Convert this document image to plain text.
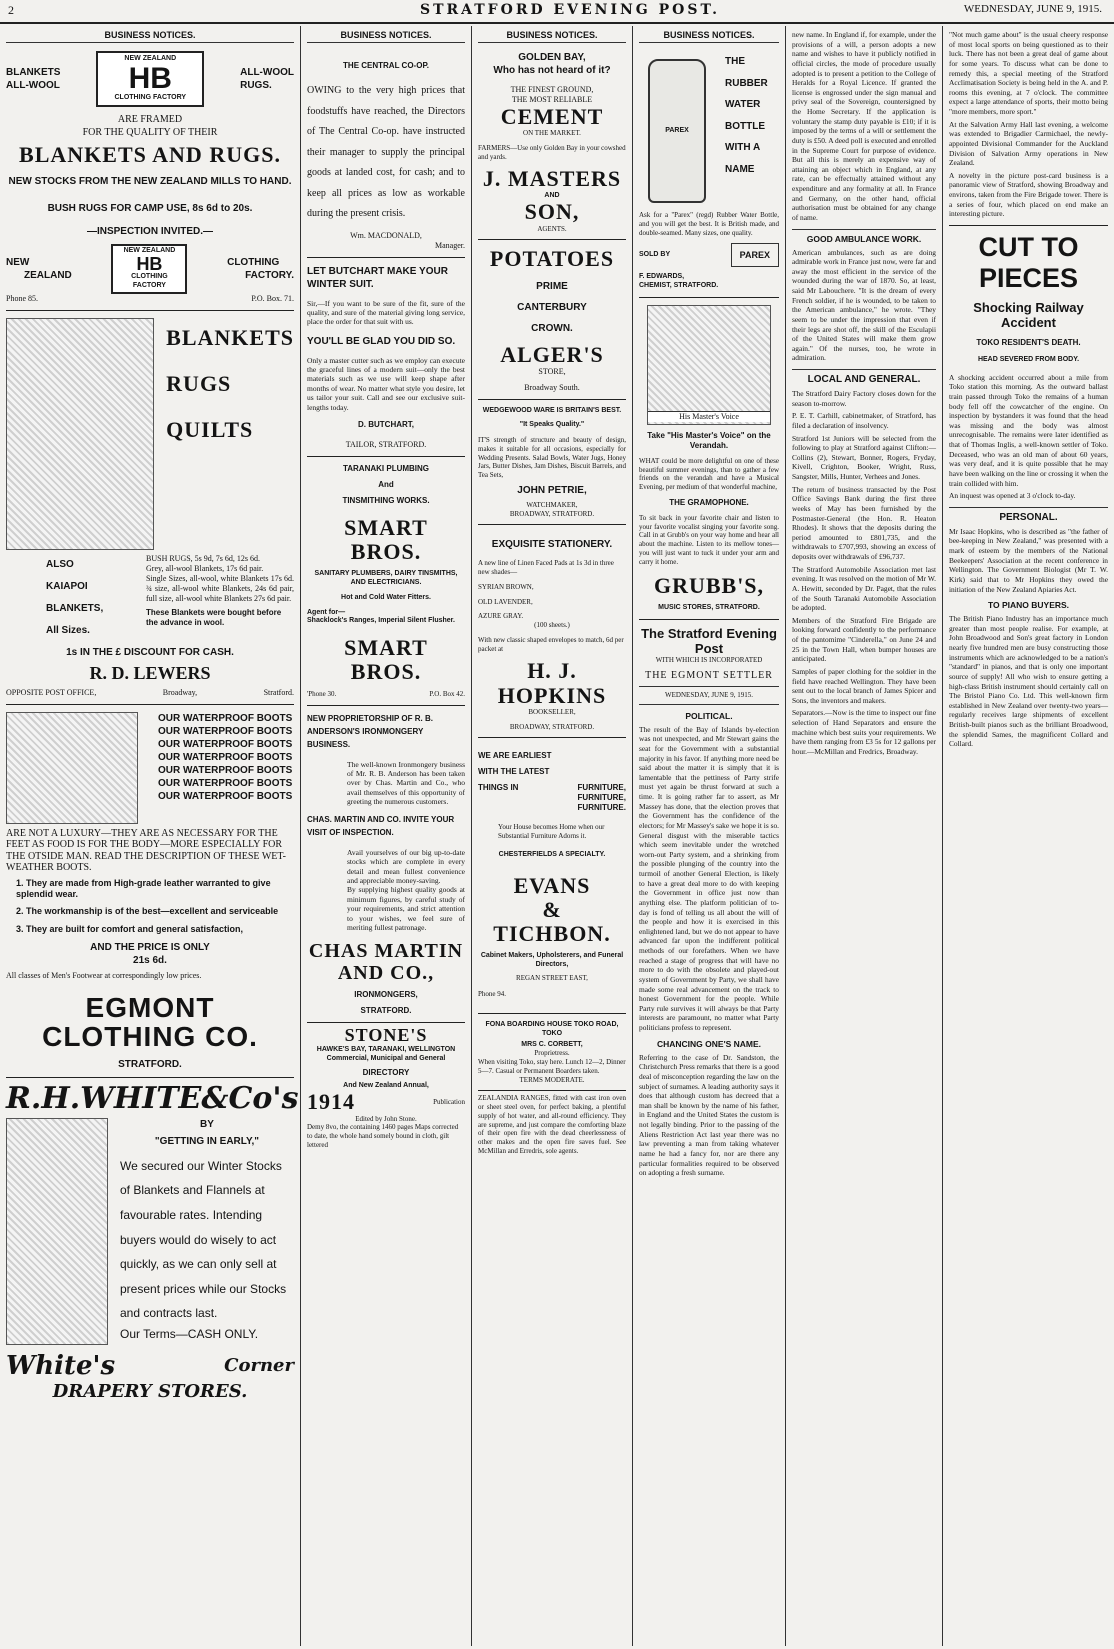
2	STRATFORD EVENING POST.	WEDNESDAY, JUNE 9, 1915.
BUSINESS NOTICES.
BLANKETS
ALL-WOOL
NEW ZEALAND
HB
CLOTHING FACTORY
ALL-WOOL
RUGS.
ARE FRAMED
FOR THE QUALITY OF THEIR
BLANKETS AND RUGS.
NEW STOCKS FROM THE NEW ZEALAND MILLS TO HAND.
BUSH RUGS FOR CAMP USE, 8s 6d to 20s.
—INSPECTION INVITED.—
NEW
ZEALAND
NEW ZEALAND
HB
CLOTHING FACTORY
CLOTHING
FACTORY.
Phone 85.	P.O. Box. 71.
BLANKETS
RUGS
QUILTS
ALSO
KAIAPOI
BLANKETS,
All Sizes.
BUSH RUGS, 5s 9d, 7s 6d, 12s 6d.
Grey, all-wool Blankets, 17s 6d pair.
Single Sizes, all-wool, white Blankets 17s 6d. ¾ size, all-wool white Blankets, 24s 6d pair, full size, all-wool white Blankets 27s 6d pair.
These Blankets were bought before the advance in wool.
1s IN THE £ DISCOUNT FOR CASH.
R. D. LEWERS
OPPOSITE POST OFFICE,	Broadway,	Stratford.
OUR WATERPROOF BOOTS
OUR WATERPROOF BOOTS
OUR WATERPROOF BOOTS
OUR WATERPROOF BOOTS
OUR WATERPROOF BOOTS
OUR WATERPROOF BOOTS
OUR WATERPROOF BOOTS
ARE NOT A LUXURY—THEY ARE AS NECESSARY FOR THE FEET AS FOOD IS FOR THE BODY—MORE ESPECIALLY FOR THE OTSIDE MAN. READ THE DESCRIPTION OF THESE WET-WEATHER BOOTS.
1. They are made from High-grade leather warranted to give splendid wear.
2. The workmanship is of the best—excellent and serviceable
3. They are built for comfort and general satisfaction,
AND THE PRICE IS ONLY
21s 6d.
All classes of Men's Footwear at correspondingly low prices.
EGMONT CLOTHING CO.
STRATFORD.
R.H.WHITE&Co's
BY
"GETTING IN EARLY,"
We secured our Winter Stocks of Blankets and Flannels at favourable rates. Intending buyers would do wisely to act quickly, as we can only sell at present prices while our Stocks and contracts last.
Our Terms—CASH ONLY.
White's	Corner
DRAPERY STORES.
BUSINESS NOTICES.
THE CENTRAL CO-OP.
OWING to the very high prices that foodstuffs have reached, the Directors of The Central Co-op. have instructed their manager to supply the principal goods at landed cost, for cash; and to keep all prices as low as workable during the present crisis.
Wm. MACDONALD,
Manager.
LET BUTCHART MAKE YOUR WINTER SUIT.
Sir,—If you want to be sure of the fit, sure of the quality, and sure of the material giving long service, place the order for that suit with us.
YOU'LL BE GLAD YOU DID SO.
Only a master cutter such as we employ can execute the graceful lines of a modern suit—only the best materials such as we use will keep shape after months of wear. No matter what style you desire, let us tailor your suit. Call and see our exclusive suit-lengths today.
D. BUTCHART,
TAILOR, STRATFORD.
TARANAKI PLUMBING
And
TINSMITHING WORKS.
SMART BROS.
SANITARY PLUMBERS, DAIRY TINSMITHS, AND ELECTRICIANS.
Hot and Cold Water Fitters.
Agent for—
Shacklock's Ranges, Imperial Silent Flusher.
SMART BROS.
'Phone 30.	P.O. Box 42.
NEW PROPRIETORSHIP OF R. B. ANDERSON'S IRONMONGERY BUSINESS.
The well-known Ironmongery business of Mr. R. B. Anderson has been taken over by Chas. Martin and Co., who avail themselves of this opportunity of greeting the numerous customers.
CHAS. MARTIN AND CO. INVITE YOUR VISIT OF INSPECTION.
Avail yourselves of our big up-to-date stocks which are complete in every detail and mean fullest convenience and appreciable money-saving.
By supplying highest quality goods at minimum figures, by careful study of your requirements, and strict attention to your wishes, we feel sure of meriting fullest patronage.
CHAS MARTIN AND CO.,
IRONMONGERS,
STRATFORD.
STONE'S
HAWKE'S BAY, TARANAKI, WELLINGTON Commercial, Municipal and General
DIRECTORY
And New Zealand Annual,
1914	Publication
Edited by John Stone.
Demy 8vo, the containing 1460 pages Maps corrected to date, the whole hand somely bound in cloth, gilt lettered
BUSINESS NOTICES.
GOLDEN BAY,
Who has not heard of it?
THE FINEST GROUND,
THE MOST RELIABLE
CEMENT
ON THE MARKET.
FARMERS—Use only Golden Bay in your cowshed and yards.
J. MASTERS
AND
SON,
AGENTS.
POTATOES
PRIME
CANTERBURY
CROWN.
ALGER'S
STORE,
Broadway South.
WEDGEWOOD WARE IS BRITAIN'S BEST.
"It Speaks Quality."
IT'S strength of structure and beauty of design, makes it suitable for all occasions, especially for Wedding Presents. Salad Bowls, Water Jugs, Honey Jars, Butter Dishes, Jam Dishes, Biscuit Barrels, and Tea Sets,
JOHN PETRIE,
WATCHMAKER,
BROADWAY, STRATFORD.
EXQUISITE STATIONERY.
A new line of Linen Faced Pads at 1s 3d in three new shades—
SYRIAN BROWN,
OLD LAVENDER,
AZURE GRAY.
(100 sheets.)
With new classic shaped envelopes to match, 6d per packet at
H. J. HOPKINS
BOOKSELLER,
BROADWAY, STRATFORD.
WE ARE EARLIEST
WITH THE LATEST
THINGS IN	FURNITURE,
FURNITURE,
FURNITURE.
Your House becomes Home when our Substantial Furniture Adorns it.
CHESTERFIELDS A SPECIALTY.
EVANS
&
TICHBON.
Cabinet Makers, Upholsterers, and Funeral Directors,
REGAN STREET EAST,
Phone 94.
FONA BOARDING HOUSE TOKO ROAD, TOKO
MRS C. CORBETT,
Proprietress.
When visiting Toko, stay here. Lunch 12—2, Dinner 5—7. Casual or Permanent Boarders taken.
TERMS MODERATE.
ZEALANDIA RANGES, fitted with cast iron oven or sheet steel oven, for perfect baking, a plentiful supply of hot water, and all-round efficiency. They are supreme, and just compare the comforting blaze of their open fire with the dead cheerlessness of other makes and the open fire saves fuel. See McMillan and Erredris, sole agents.
BUSINESS NOTICES.
PAREX
THE
RUBBER
WATER
BOTTLE
WITH A
NAME
Ask for a "Parex" (regd) Rubber Water Bottle, and you will get the best. It is British made, and double-seamed. Many sizes, one quality.
SOLD BY	PAREX
F. EDWARDS,
CHEMIST, STRATFORD.
His Master's Voice
Take "His Master's Voice" on the Verandah.
WHAT could be more delightful on one of these beautiful summer evenings, than to gather a few friends on the verandah and have a Musical Evening, per medium of that wonderful machine,
THE GRAMOPHONE.
To sit back in your favorite chair and listen to your favorite vocalist singing your favorite song. Call in at Grubb's on your way home and hear all about the machine. Listen to its mellow tones—you will just want to tuck it under your arm and carry it home.
GRUBB'S,
MUSIC STORES, STRATFORD.
The Stratford Evening Post
WITH WHICH IS INCORPORATED
THE EGMONT SETTLER
WEDNESDAY, JUNE 9, 1915.
POLITICAL.

The result of the Bay of Islands by-election was not unexpected, and Mr Stewart gains the seat for the Government with a substantial majority in his favor. If anything more need be said about the matter it is simply that it is lamentable that the pettiness of Party strife must yet again be thrust forward at such a time. It is going rather far to assert, as Mr Massey has done, that the election proves that the Government has the confidence of the electors; for Mr Massey's sake we hope it is so. General disgust with the miserable tactics which seem inevitable under the wretched worn-out Party system, and a shrinking from the possible plunging of the country into the turmoil of another General Election, is likely to have a great deal more to do with keeping the Government in office just now than anything else. The platform politician of to-day is fond of telling us all about the will of the people and how it is exercised in this enlightened land, but we do not appear to have advanced far upon the indifferent political methods of our forefathers. When we have reached a stage of progress that will have no more to do with the obsolete and played-out system of Government by Party, we shall have made some real advancement on the track to honest Government for the people. While Party rule survives it will always be that Party interests are paramount, no matter what Party politicians profess to represent.

CHANCING ONE'S NAME.

Referring to the case of Dr. Sandston, the Christchurch Press remarks that there is a good deal of misconception regarding the law on the subject of surnames. A leading authority says it does that although custom has decreed that a man shall be known by the name of his father, in England and the United States the custom is not legally binding. Prior to the passing of the Aliens Restriction Act last year there was no law preventing a man from taking whatever name he had a fancy for, nor are there any particular formalities required to be observed on adopting a fresh surname.

new name. In England if, for example, under the provisions of a will, a person adopts a new name and wishes to have it publicly notified in official circles, the mode of procedure usually adopted is to present a petition to the College of Heralds for a Royal Licence. If granted the license is engrossed under the sign manual and privy seal of the Sovereign, countersigned by the Home Secretary. If the application is voluntary the stamp duty payable is £10; if it is imposed by the terms of a will or settlement the duty is £50. A deed poll is executed and enrolled in the Supreme Court for purpose of evidence. But all this is merely an expensive way of attaining an object which in England, at any rate, can be effectually attained without any expenditure and any formality at all. In France and Germany, on the other hand, official authorisation must be obtained for any change of name.

GOOD AMBULANCE WORK.

American ambulances, such as are doing admirable work in France just now, were far and away the most efficient in the service of the wounded during the war of 1870. So, at least, said Mr Labouchere. "It is the dream of every French soldier, if he is wounded, to be taken to the American ambulance," he wrote. "They seem to be under the impression that even if their legs are shot off, the skill of the Esculapii of the United States will make them grow again." Of the nurses, too, he wrote in admiration.

LOCAL AND GENERAL.

The Stratford Dairy Factory closes down for the season to-morrow.

P. E. T. Carhill, cabinetmaker, of Stratford, has filed a declaration of insolvency.

Stratford 1st Juniors will be selected from the following to play at Stratford against Clifton:—Collins (2), Stewart, Bonner, Rogers, Fryday, Kivell, Crighton, Booker, Wright, Russ, Sangster, Mills, Hunter, Verhees and Jones.

The return of business transacted by the Post Office Savings Bank during the first three weeks of May has been furnished by the Postmaster-General (the Hon. R. Heaton Rhodes). It shows that the deposits during the period amounted to £801,735, and the withdrawals to £707,993, showing an excess of deposits over withdrawals of £96,737.

The Stratford Automobile Association met last evening. It was resolved on the motion of Mr W. A. Hewitt, seconded by Dr. Paget, that the rules of the South Taranaki Automobile Association be adopted.

Members of the Stratford Fire Brigade are looking forward confidently to the performance of the pantomime "Cinderella," on June 24 and 25 in the Town Hall, when bumper houses are anticipated.

Samples of paper clothing for the soldier in the field have reached Wellington. They have been sent out to the local branch of James Spicer and Sons, the inventors and makers.

Separators.—Now is the time to inspect our fine selection of Hand Separators and ensure the machine which best suits your requirements. We have them ranging from £3 5s for 12 gallons per hour.—McMillan and Fredrics, Broadway.

"Not much game about" is the usual cheery response of most local sports on being questioned as to their luck. There has not been a great deal of game about for some years. To discuss what can be done to remedy this, a special meeting of the Stratford Acclimatisation Society is being held in the A. and P. rooms this evening, at 7 o'clock. The committee expect a large attendance of sports, their motto being "more members, more sport."

At the Salvation Army Hall last evening, a welcome was extended to Brigadier Carmichael, the newly-appointed Divisional Commander for the Auckland Division of Salvation Army operations in New Zealand.

A novelty in the picture post-card business is a panoramic view of Stratford, showing Broadway and environs, taken from the Fire Brigade tower. There is a series of four, which placed on end make an interesting picture.

CUT TO PIECES
Shocking Railway Accident
TOKO RESIDENT'S DEATH.
HEAD SEVERED FROM BODY.

A shocking accident occurred about a mile from Toko station this morning. As the outward ballast train passed through Toko the remains of a human body fell off the cowcatcher of the engine. On inspection by bystanders it was found that the head was missing and the body was almost unrecognisable. The remains were later identified as that of Thomas Inglis, a well-known settler of Toko. Deceased, who was an old man of about 60 years, was very deaf, and it is quite possible that he may have been walking on the line or crossing it when the train collided with him.

An inquest was opened at 3 o'clock to-day.

PERSONAL.

Mr Isaac Hopkins, who is described as "the father of bee-keeping in New Zealand," was presented with a mark of esteem by the members of the National Beekeepers' Association at the recent conference in Wellington. The Government Biologist (Mr T. W. Kirk) said that to Mr Hopkins they owed the initiation of the New Zealand Apiaries Act.

TO PIANO BUYERS.

The British Piano Industry has an importance much greater than most people realise. For example, at John Broadwood and Son's great factory in London nearly five hundred men are busy constructing those instruments which are acknowledged to be a nation's "standard" in pianos, and that is only one important source of supply! All who wish to ensure getting a high-class British instrument should certainly call on The Bristol Piano Co. Ltd. This well-known firm established in New Zealand over twenty-two years—regularly receives large shipments of excellent British-built pianos such as the brilliant Broadwood, the splendid Sames, the magnificent Collard and Collard.
